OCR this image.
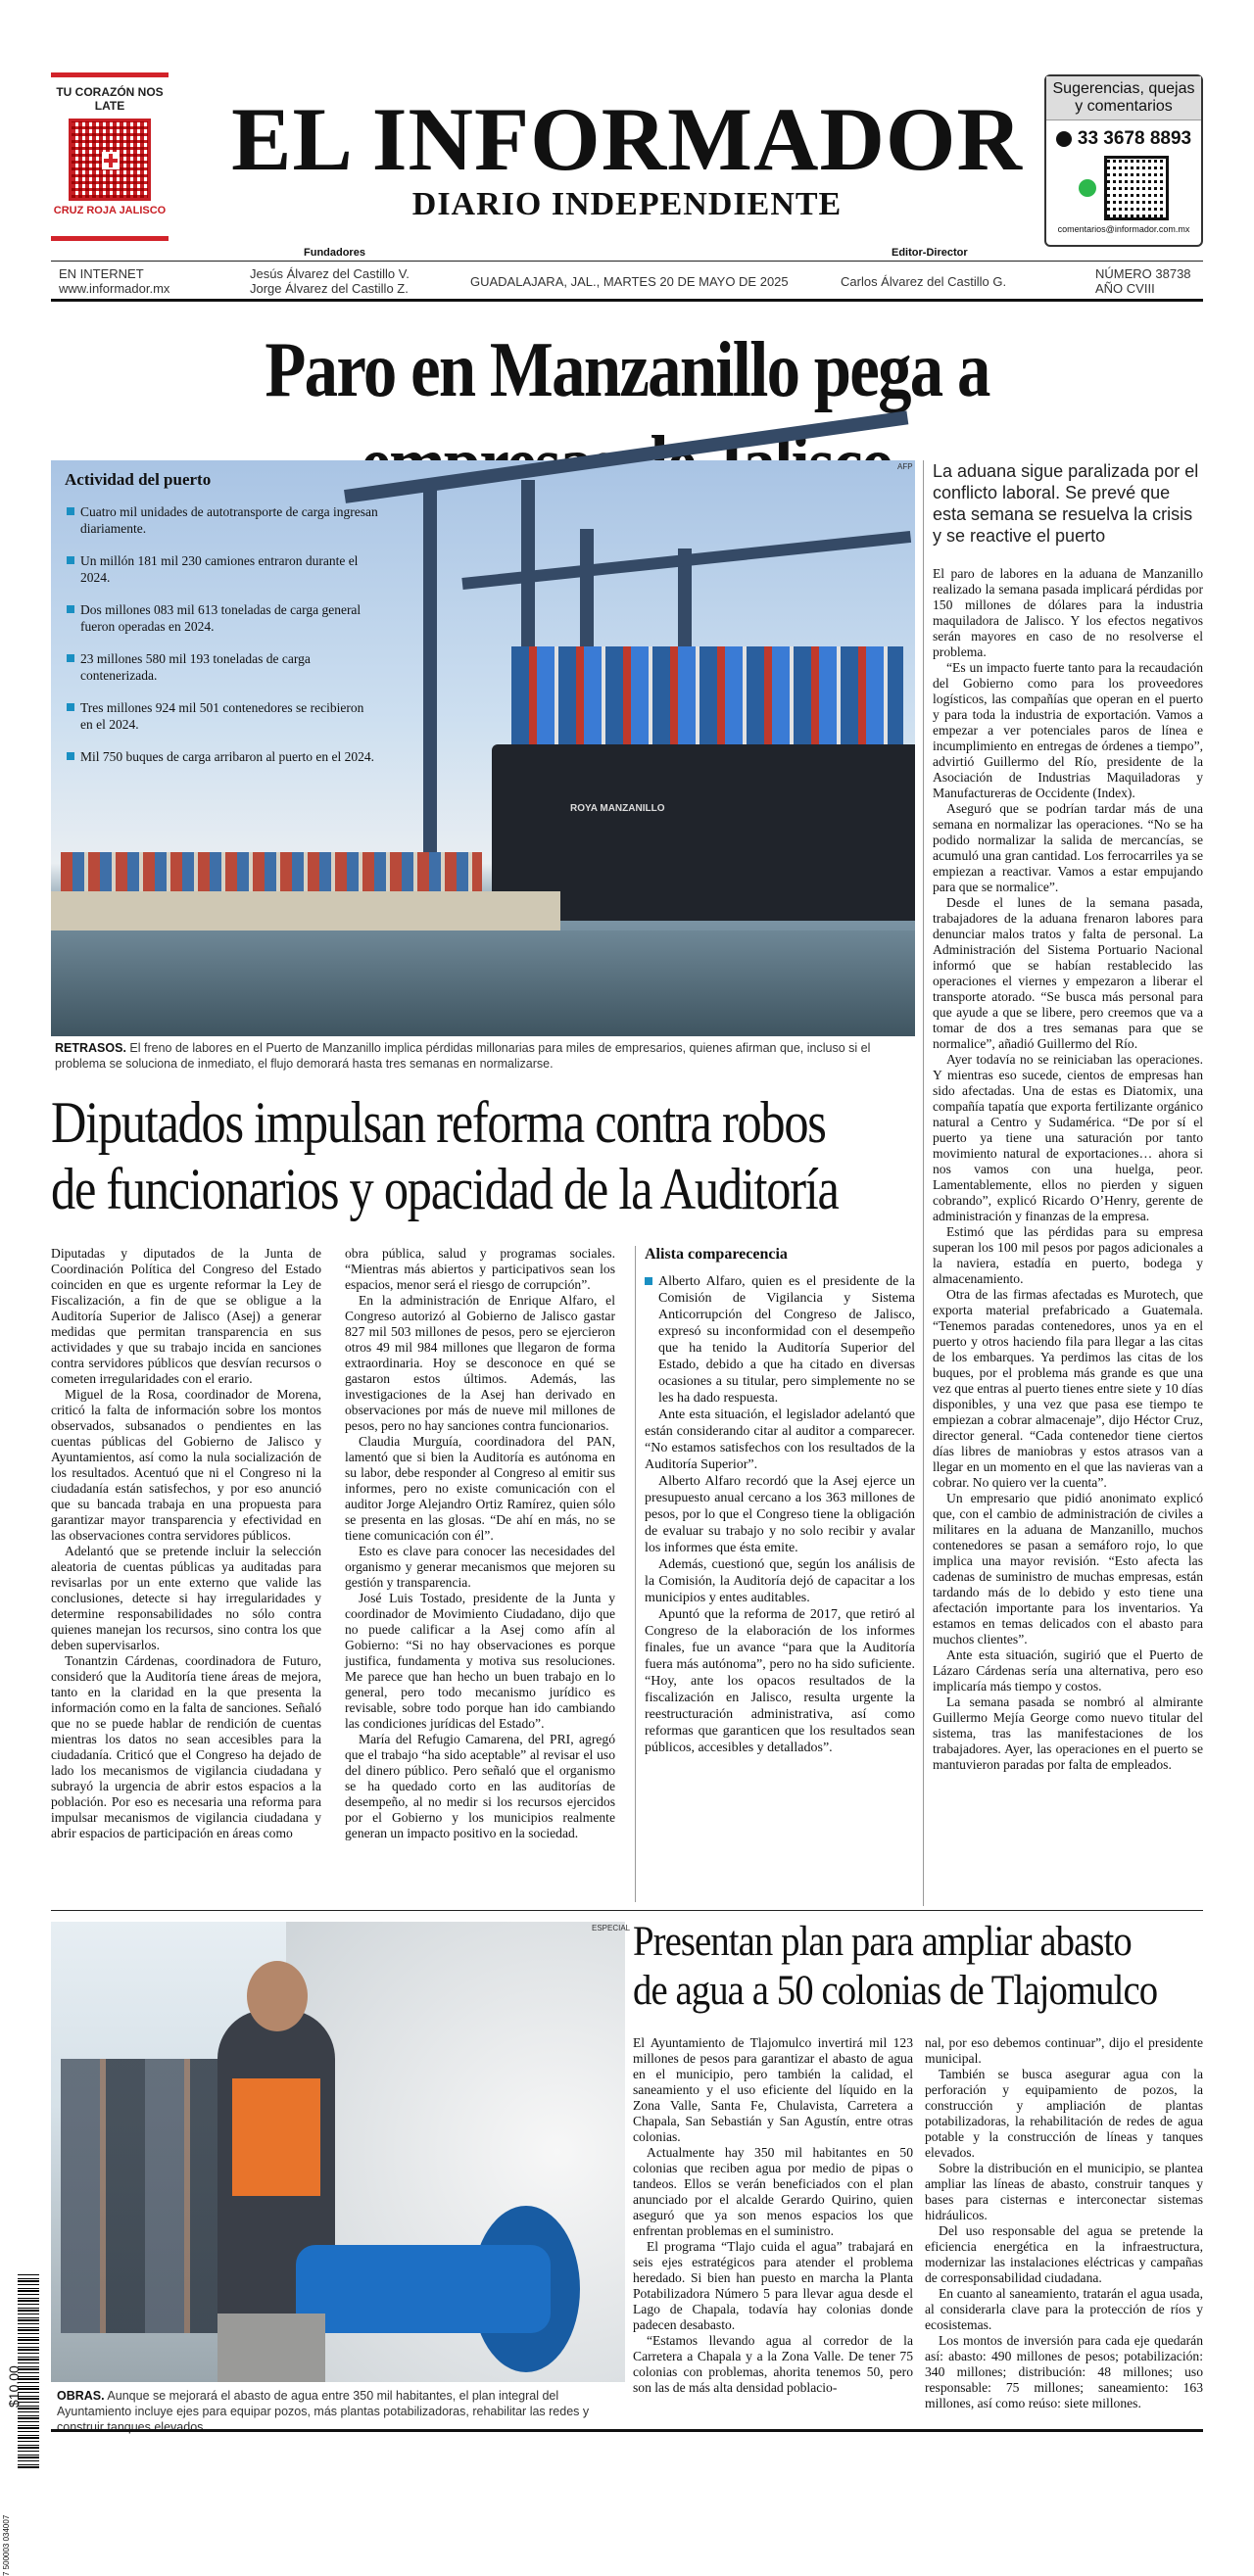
TU CORAZÓN NOS LATE
CRUZ ROJA JALISCO
EL INFORMADOR
DIARIO INDEPENDIENTE
Sugerencias, quejas y comentarios
33 3678 8893
comentarios@informador.com.mx
Fundadores	Editor-Director
EN INTERNET
www.informador.mx
Jesús Álvarez del Castillo V.
Jorge Álvarez del Castillo Z.	GUADALAJARA, JAL., MARTES 20 DE MAYO DE 2025	Carlos Álvarez del Castillo G.
NÚMERO 38738
AÑO CVIII
Paro en Manzanillo pega a
ROYA MANZANILLO
AFP
Actividad del puerto
Cuatro mil unidades de autotransporte de carga ingresan diariamente.
Un millón 181 mil 230 camiones entraron durante el 2024.
Dos millones 083 mil 613 toneladas de carga general fueron operadas en 2024.
23 millones 580 mil 193 toneladas de carga contenerizada.
Tres millones 924 mil 501 contenedores se recibieron en el 2024.
Mil 750 buques de carga arribaron al puerto en el 2024.
RETRASOS. El freno de labores en el Puerto de Manzanillo implica pérdidas millonarias para miles de empresarios, quienes afirman que, incluso si el problema se soluciona de inmediato, el flujo demorará hasta tres semanas en normalizarse.
La aduana sigue paralizada por el conflicto laboral. Se prevé que esta semana se resuelva la crisis y se reactive el puerto

El paro de labores en la aduana de Manzanillo realizado la semana pasada implicará pérdidas por 150 millones de dólares para la industria maquiladora de Jalisco. Y los efectos negativos serán mayores en caso de no resolverse el problema.

“Es un impacto fuerte tanto para la recaudación del Gobierno como para los proveedores logísticos, las compañías que operan en el puerto y para toda la industria de exportación. Vamos a empezar a ver potenciales paros de línea e incumplimiento en entregas de órdenes a tiempo”, advirtió Guillermo del Río, presidente de la Asociación de Industrias Maquiladoras y Manufactureras de Occidente (Index).

Aseguró que se podrían tardar más de una semana en normalizar las operaciones. “No se ha podido normalizar la salida de mercancías, se acumuló una gran cantidad. Los ferrocarriles ya se empiezan a reactivar. Vamos a estar empujando para que se normalice”.

Desde el lunes de la semana pasada, trabajadores de la aduana frenaron labores para denunciar malos tratos y falta de personal. La Administración del Sistema Portuario Nacional informó que se habían restablecido las operaciones el viernes y empezaron a liberar el transporte atorado. “Se busca más personal para que ayude a que se libere, pero creemos que va a tomar de dos a tres semanas para que se normalice”, añadió Guillermo del Río.

Ayer todavía no se reiniciaban las operaciones. Y mientras eso sucede, cientos de empresas han sido afectadas. Una de estas es Diatomix, una compañía tapatía que exporta fertilizante orgánico natural a Centro y Sudamérica. “De por sí el puerto ya tiene una saturación por tanto movimiento natural de exportaciones… ahora si nos vamos con una huelga, peor. Lamentablemente, ellos no pierden y siguen cobrando”, explicó Ricardo O’Henry, gerente de administración y finanzas de la empresa.

Estimó que las pérdidas para su empresa superan los 100 mil pesos por pagos adicionales a la naviera, estadía en puerto, bodega y almacenamiento.

Otra de las firmas afectadas es Murotech, que exporta material prefabricado a Guatemala. “Tenemos paradas contenedores, unos ya en el puerto y otros haciendo fila para llegar a las citas de los embarques. Ya perdimos las citas de los buques, por el problema más grande es que una vez que entras al puerto tienes entre siete y 10 días disponibles, y una vez que pasa ese tiempo te empiezan a cobrar almacenaje”, dijo Héctor Cruz, director general. “Cada contenedor tiene ciertos días libres de maniobras y estos atrasos van a llegar en un momento en el que las navieras van a cobrar. No quiero ver la cuenta”.

Un empresario que pidió anonimato explicó que, con el cambio de administración de civiles a militares en la aduana de Manzanillo, muchos contenedores se pasan a semáforo rojo, lo que implica una mayor revisión. “Esto afecta las cadenas de suministro de muchas empresas, están tardando más de lo debido y esto tiene una afectación importante para los inventarios. Ya estamos en temas delicados con el abasto para muchos clientes”.

Ante esta situación, sugirió que el Puerto de Lázaro Cárdenas sería una alternativa, pero eso implicaría más tiempo y costos.

La semana pasada se nombró al almirante Guillermo Mejía George como nuevo titular del sistema, tras las manifestaciones de los trabajadores. Ayer, las operaciones en el puerto se mantuvieron paradas por falta de empleados.

Diputados impulsan reforma contra robos
de funcionarios y opacidad de la Auditoría

Diputadas y diputados de la Junta de Coordinación Política del Congreso del Estado coinciden en que es urgente reformar la Ley de Fiscalización, a fin de que se obligue a la Auditoría Superior de Jalisco (Asej) a generar medidas que permitan transparencia en sus actividades y que su trabajo incida en sanciones contra servidores públicos que desvían recursos o cometen irregularidades con el erario.

Miguel de la Rosa, coordinador de Morena, criticó la falta de información sobre los montos observados, subsanados o pendientes en las cuentas públicas del Gobierno de Jalisco y Ayuntamientos, así como la nula socialización de los resultados. Acentuó que ni el Congreso ni la ciudadanía están satisfechos, y por eso anunció que su bancada trabaja en una propuesta para garantizar mayor transparencia y efectividad en las observaciones contra servidores públicos.

Adelantó que se pretende incluir la selección aleatoria de cuentas públicas ya auditadas para revisarlas por un ente externo que valide las conclusiones, detecte si hay irregularidades y determine responsabilidades no sólo contra quienes manejan los recursos, sino contra los que deben supervisarlos.

Tonantzin Cárdenas, coordinadora de Futuro, consideró que la Auditoría tiene áreas de mejora, tanto en la claridad en la que presenta la información como en la falta de sanciones. Señaló que no se puede hablar de rendición de cuentas mientras los datos no sean accesibles para la ciudadanía. Criticó que el Congreso ha dejado de lado los mecanismos de vigilancia ciudadana y subrayó la urgencia de abrir estos espacios a la población. Por eso es necesaria una reforma para impulsar mecanismos de vigilancia ciudadana y abrir espacios de participación en áreas como

obra pública, salud y programas sociales. “Mientras más abiertos y participativos sean los espacios, menor será el riesgo de corrupción”.

En la administración de Enrique Alfaro, el Congreso autorizó al Gobierno de Jalisco gastar 827 mil 503 millones de pesos, pero se ejercieron otros 49 mil 984 millones que llegaron de forma extraordinaria. Hoy se desconoce en qué se gastaron estos últimos. Además, las investigaciones de la Asej han derivado en observaciones por más de nueve mil millones de pesos, pero no hay sanciones contra funcionarios.

Claudia Murguía, coordinadora del PAN, lamentó que si bien la Auditoría es autónoma en su labor, debe responder al Congreso al emitir sus informes, pero no existe comunicación con el auditor Jorge Alejandro Ortiz Ramírez, quien sólo se presenta en las glosas. “De ahí en más, no se tiene comunicación con él”.

Esto es clave para conocer las necesidades del organismo y generar mecanismos que mejoren su gestión y transparencia.

José Luis Tostado, presidente de la Junta y coordinador de Movimiento Ciudadano, dijo que no puede calificar a la Asej como afín al Gobierno: “Si no hay observaciones es porque justifica, fundamenta y motiva sus resoluciones. Me parece que han hecho un buen trabajo en lo general, pero todo mecanismo jurídico es revisable, sobre todo porque han ido cambiando las condiciones jurídicas del Estado”.

María del Refugio Camarena, del PRI, agregó que el trabajo “ha sido aceptable” al revisar el uso del dinero público. Pero señaló que el organismo se ha quedado corto en las auditorías de desempeño, al no medir si los recursos ejercidos por el Gobierno y los municipios realmente generan un impacto positivo en la sociedad.

Alista comparecencia

Alberto Alfaro, quien es el presidente de la Comisión de Vigilancia y Sistema Anticorrupción del Congreso de Jalisco, expresó su inconformidad con el desempeño que ha tenido la Auditoría Superior del Estado, debido a que ha citado en diversas ocasiones a su titular, pero simplemente no se les ha dado respuesta.

Ante esta situación, el legislador adelantó que están considerando citar al auditor a comparecer. “No estamos satisfechos con los resultados de la Auditoría Superior”.

Alberto Alfaro recordó que la Asej ejerce un presupuesto anual cercano a los 363 millones de pesos, por lo que el Congreso tiene la obligación de evaluar su trabajo y no solo recibir y avalar los informes que ésta emite.

Además, cuestionó que, según los análisis de la Comisión, la Auditoría dejó de capacitar a los municipios y entes auditables.

Apuntó que la reforma de 2017, que retiró al Congreso de la elaboración de los informes finales, fue un avance “para que la Auditoría fuera más autónoma”, pero no ha sido suficiente. “Hoy, ante los opacos resultados de la fiscalización en Jalisco, resulta urgente la reestructuración administrativa, así como reformas que garanticen que los resultados sean públicos, accesibles y detallados”.

ESPECIAL
OBRAS. Aunque se mejorará el abasto de agua entre 350 mil habitantes, el plan integral del Ayuntamiento incluye ejes para equipar pozos, más plantas potabilizadoras, rehabilitar las redes y construir tanques elevados.
Presentan plan para ampliar abasto
de agua a 50 colonias de Tlajomulco

El Ayuntamiento de Tlajomulco invertirá mil 123 millones de pesos para garantizar el abasto de agua en el municipio, pero también la calidad, el saneamiento y el uso eficiente del líquido en la Zona Valle, Santa Fe, Chulavista, Carretera a Chapala, San Sebastián y San Agustín, entre otras colonias.

Actualmente hay 350 mil habitantes en 50 colonias que reciben agua por medio de pipas o tandeos. Ellos se verán beneficiados con el plan anunciado por el alcalde Gerardo Quirino, quien aseguró que ya son menos espacios los que enfrentan problemas en el suministro.

El programa “Tlajo cuida el agua” trabajará en seis ejes estratégicos para atender el problema heredado. Si bien han puesto en marcha la Planta Potabilizadora Número 5 para llevar agua desde el Lago de Chapala, todavía hay colonias donde padecen desabasto.

“Estamos llevando agua al corredor de la Carretera a Chapala y a la Zona Valle. De tener 75 colonias con problemas, ahorita tenemos 50, pero son las de más alta densidad poblacio-

nal, por eso debemos continuar”, dijo el presidente municipal.

También se busca asegurar agua con la perforación y equipamiento de pozos, la construcción y ampliación de plantas potabilizadoras, la rehabilitación de redes de agua potable y la construcción de líneas y tanques elevados.

Sobre la distribución en el municipio, se plantea ampliar las líneas de abasto, construir tanques y bases para cisternas e interconectar sistemas hidráulicos.

Del uso responsable del agua se pretende la eficiencia energética en la infraestructura, modernizar las instalaciones eléctricas y campañas de corresponsabilidad ciudadana.

En cuanto al saneamiento, tratarán el agua usada, al considerarla clave para la protección de ríos y ecosistemas.

Los montos de inversión para cada eje quedarán así: abasto: 490 millones de pesos; potabilización: 340 millones; distribución: 48 millones; uso responsable: 75 millones; saneamiento: 163 millones, así como reúso: siete millones.

$10.00
7 500003 034007
